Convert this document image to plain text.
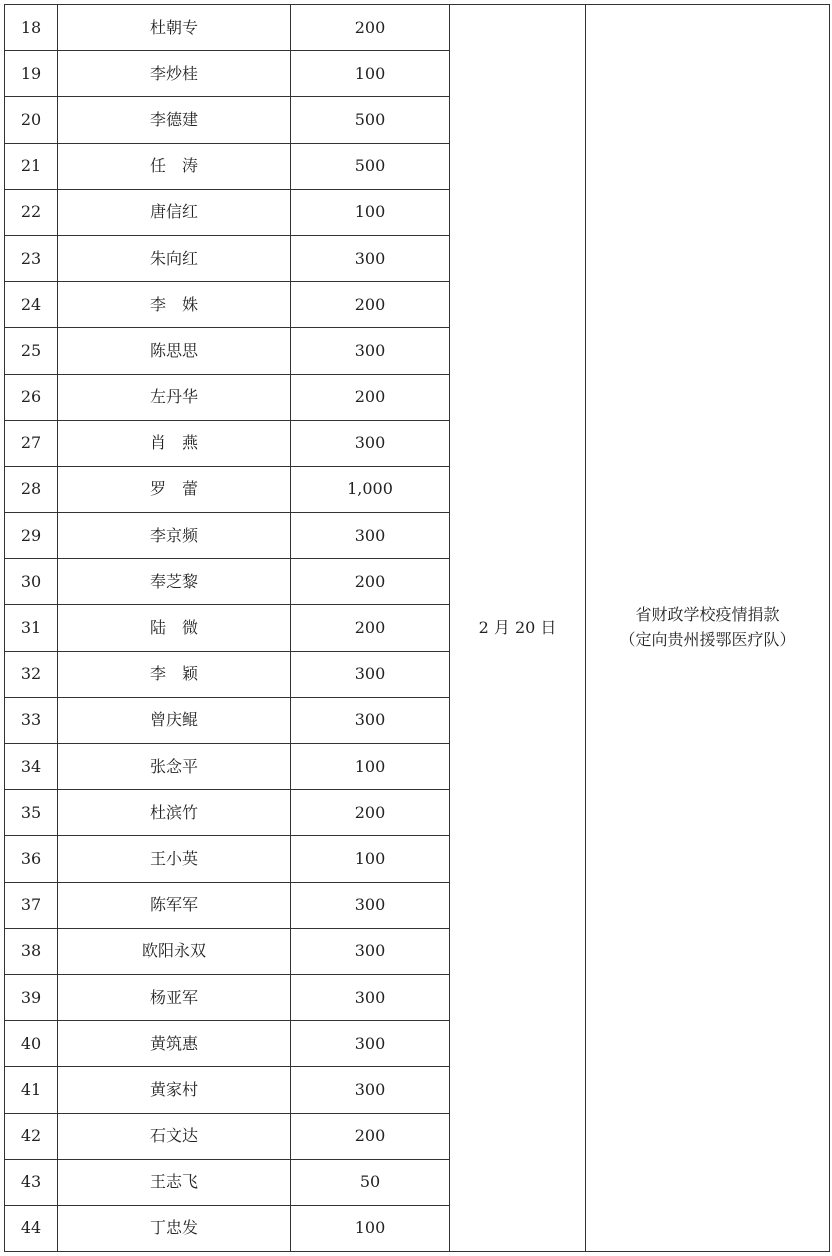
18	杜朝专	200	2 月 20 日	省财政学校疫情捐款
（定向贵州援鄂医疗队）

19	李炒桂	100		
20	李德建	500		
21	任　涛	500		
22	唐信红	100		
23	朱向红	300		
24	李　姝	200		
25	陈思思	300		
26	左丹华	200		
27	肖　燕	300		
28	罗　蕾	1,000		
29	李京频	300		
30	奉芝黎	200		
31	陆　微	200		
32	李　颖	300		
33	曾庆鲲	300		
34	张念平	100		
35	杜滨竹	200		
36	王小英	100		
37	陈军军	300		
38	欧阳永双	300		
39	杨亚军	300		
40	黄筑惠	300		
41	黄家村	300		
42	石文达	200		
43	王志飞	50		
44	丁忠发	100		
